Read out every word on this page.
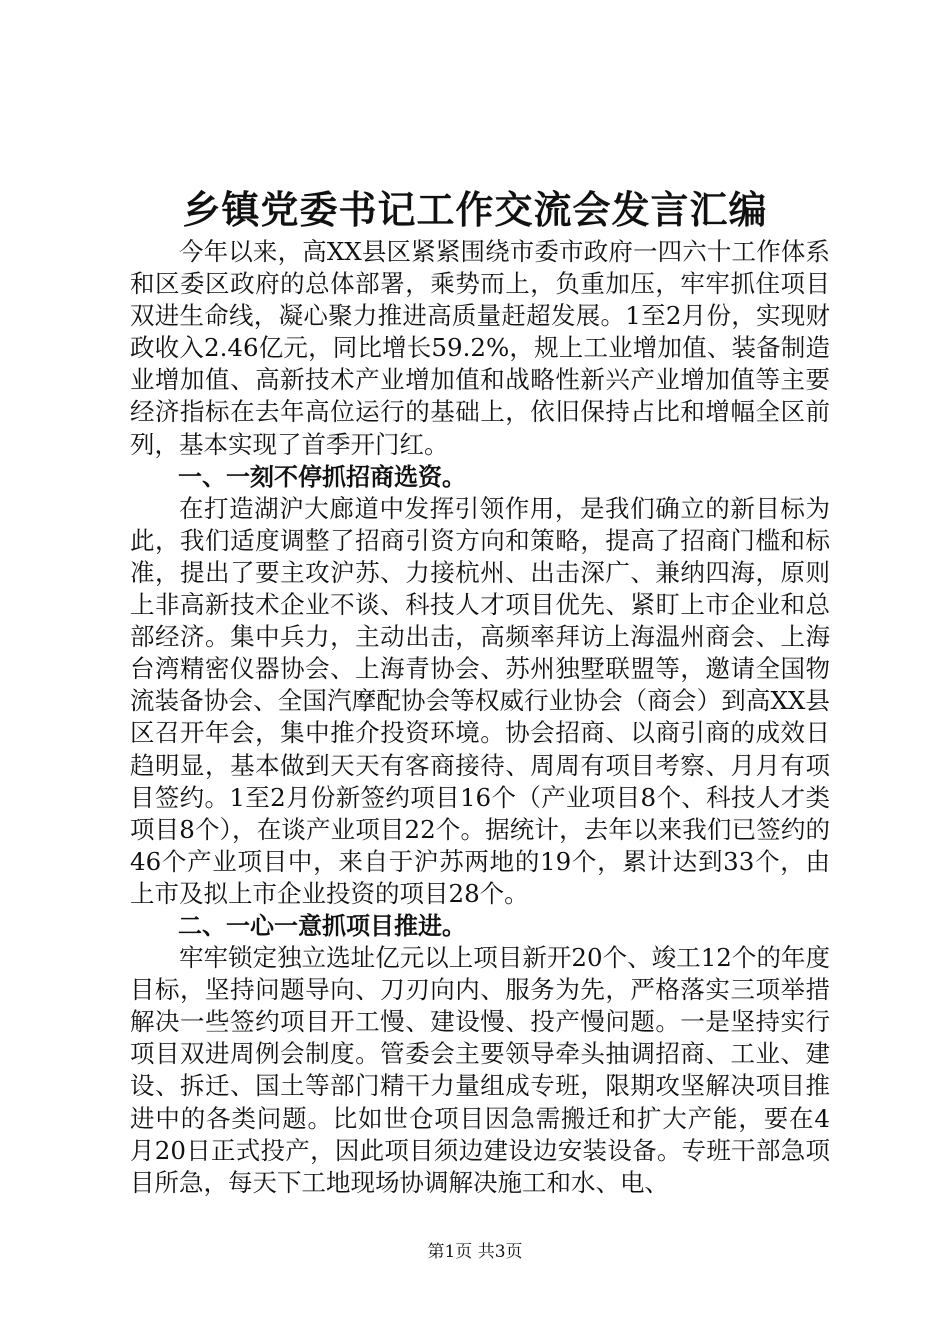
乡镇党委书记工作交流会发言汇编

今年以来，高XX县区紧紧围绕市委市政府一四六十工作体系和区委区政府的总体部署，乘势而上，负重加压，牢牢抓住项目双进生命线，凝心聚力推进高质量赶超发展。1至2月份，实现财政收入2.46亿元，同比增长59.2%，规上工业增加值、装备制造业增加值、高新技术产业增加值和战略性新兴产业增加值等主要经济指标在去年高位运行的基础上，依旧保持占比和增幅全区前列，基本实现了首季开门红。

一、一刻不停抓招商选资。

在打造湖沪大廊道中发挥引领作用，是我们确立的新目标为此，我们适度调整了招商引资方向和策略，提高了招商门槛和标准，提出了要主攻沪苏、力接杭州、出击深广、兼纳四海，原则上非高新技术企业不谈、科技人才项目优先、紧盯上市企业和总部经济。集中兵力，主动出击，高频率拜访上海温州商会、上海台湾精密仪器协会、上海青协会、苏州独墅联盟等，邀请全国物流装备协会、全国汽摩配协会等权威行业协会（商会）到高XX县区召开年会，集中推介投资环境。协会招商、以商引商的成效日趋明显，基本做到天天有客商接待、周周有项目考察、月月有项目签约。1至2月份新签约项目16个（产业项目8个、科技人才类项目8个），在谈产业项目22个。据统计，去年以来我们已签约的46个产业项目中，来自于沪苏两地的19个，累计达到33个，由上市及拟上市企业投资的项目28个。

二、一心一意抓项目推进。

牢牢锁定独立选址亿元以上项目新开20个、竣工12个的年度目标，坚持问题导向、刀刃向内、服务为先，严格落实三项举措解决一些签约项目开工慢、建设慢、投产慢问题。一是坚持实行项目双进周例会制度。管委会主要领导牵头抽调招商、工业、建设、拆迁、国土等部门精干力量组成专班，限期攻坚解决项目推进中的各类问题。比如世仓项目因急需搬迁和扩大产能，要在4月20日正式投产，因此项目须边建设边安装设备。专班干部急项目所急，每天下工地现场协调解决施工和水、电、

第1页 共3页
